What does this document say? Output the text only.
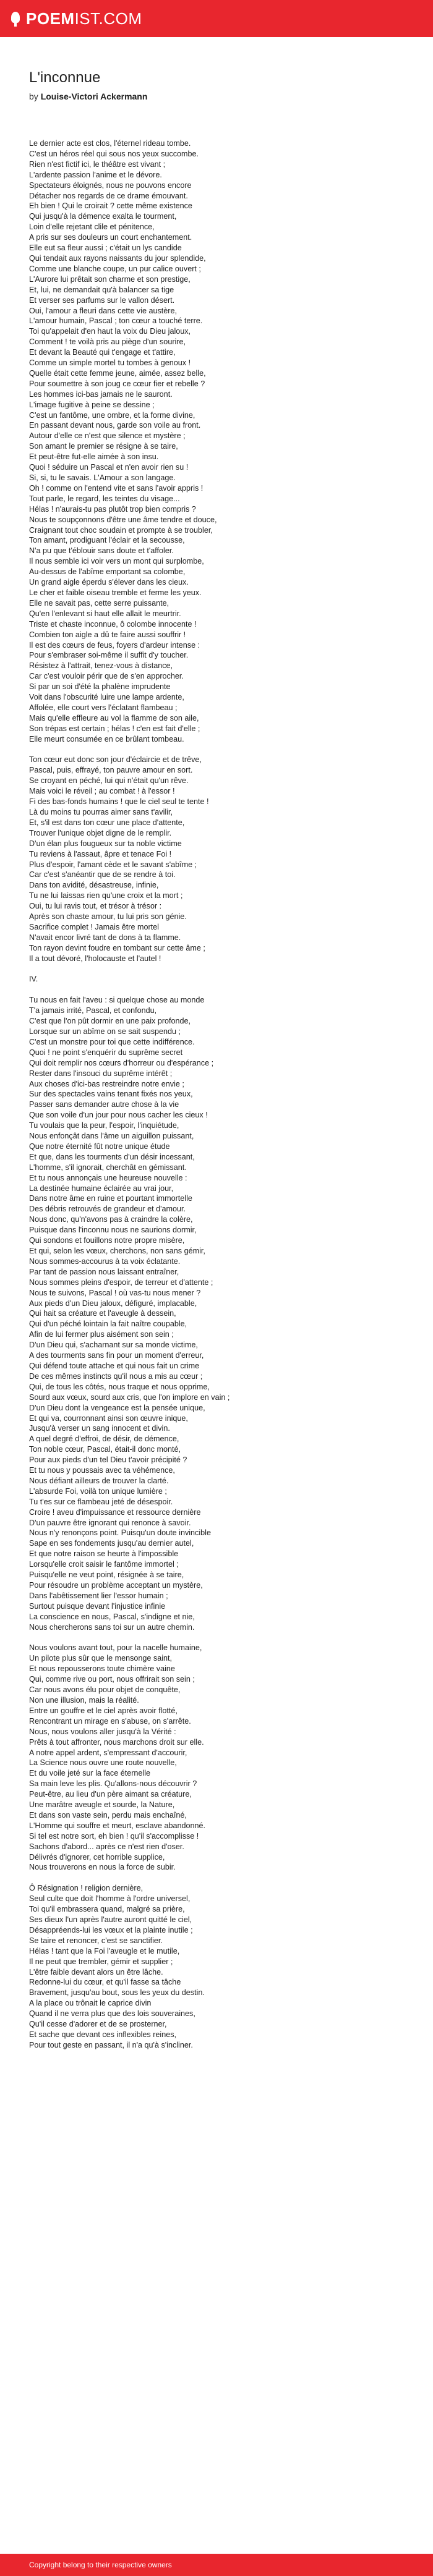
POEMIST.COM
L'inconnue
by Louise-Victori Ackermann

Le dernier acte est clos, l'éternel rideau tombe.
C'est un héros réel qui sous nos yeux succombe.
Rien n'est fictif ici, le théâtre est vivant ;
L'ardente passion l'anime et le dévore.
Spectateurs éloignés, nous ne pouvons encore
Détacher nos regards de ce drame émouvant.
Eh bien ! Qui le croirait ? cette même existence
Qui jusqu'à la démence exalta le tourment,
Loin d'elle rejetant clile et pénitence,
A pris sur ses douleurs un court enchantement.
Elle eut sa fleur aussi ; c'était un lys candide
Qui tendait aux rayons naissants du jour splendide,
Comme une blanche coupe, un pur calice ouvert ;
L'Aurore lui prêtait son charme et son prestige,
Et, lui, ne demandait qu'à balancer sa tige
Et verser ses parfums sur le vallon désert.
Oui, l'amour a fleuri dans cette vie austère,
L'amour humain, Pascal ; ton cœur a touché terre.
Toi qu'appelait d'en haut la voix du Dieu jaloux,
Comment ! te voilà pris au piège d'un sourire,
Et devant la Beauté qui t'engage et t'attire,
Comme un simple mortel tu tombes à genoux !
Quelle était cette femme jeune, aimée, assez belle,
Pour soumettre à son joug ce cœur fier et rebelle ?
Les hommes ici-bas jamais ne le sauront.
L'image fugitive à peine se dessine ;
C'est un fantôme, une ombre, et la forme divine,
En passant devant nous, garde son voile au front.
Autour d'elle ce n'est que silence et mystère ;
Son amant le premier se résigne à se taire,
Et peut-être fut-elle aimée à son insu.
Quoi ! séduire un Pascal et n'en avoir rien su !
Si, si, tu le savais. L'Amour a son langage.
Oh ! comme on l'entend vite et sans l'avoir appris !
Tout parle, le regard, les teintes du visage...
Hélas ! n'aurais-tu pas plutôt trop bien compris ?
Nous te soupçonnons d'être une âme tendre et douce,
Craignant tout choc soudain et prompte à se troubler,
Ton amant, prodiguant l'éclair et la secousse,
N'a pu que t'éblouir sans doute et t'affoler.
Il nous semble ici voir vers un mont qui surplombe,
Au-dessus de l'abîme emportant sa colombe,
Un grand aigle éperdu s'élever dans les cieux.
Le cher et faible oiseau tremble et ferme les yeux.
Elle ne savait pas, cette serre puissante,
Qu'en l'enlevant si haut elle allait le meurtrir.
Triste et chaste inconnue, ô colombe innocente !
Combien ton aigle a dû te faire aussi souffrir !
Il est des cœurs de feus, foyers d'ardeur intense :
Pour s'embraser soi-même il suffit d'y toucher.
Résistez à l'attrait, tenez-vous à distance,
Car c'est vouloir périr que de s'en approcher.
Si par un soi d'été la phalène imprudente
Voit dans l'obscurité luire une lampe ardente,
Affolée, elle court vers l'éclatant flambeau ;
Mais qu'elle effleure au vol la flamme de son aile,
Son trépas est certain ; hélas ! c'en est fait d'elle ;
Elle meurt consumée en ce brûlant tombeau.

Ton cœur eut donc son jour d'éclaircie et de trêve,
Pascal, puis, effrayé, ton pauvre amour en sort.
Se croyant en péché, lui qui n'était qu'un rêve.
Mais voici le réveil ; au combat ! à l'essor !
Fi des bas-fonds humains ! que le ciel seul te tente !
Là du moins tu pourras aimer sans t'avilir,
Et, s'il est dans ton cœur une place d'attente,
Trouver l'unique objet digne de le remplir.
D'un élan plus fougueux sur ta noble victime
Tu reviens à l'assaut, âpre et tenace Foi !
Plus d'espoir, l'amant cède et le savant s'abîme ;
Car c'est s'anéantir que de se rendre à toi.
Dans ton avidité, désastreuse, infinie,
Tu ne lui laissas rien qu'une croix et la mort ;
Oui, tu lui ravis tout, et trésor à trésor :
Après son chaste amour, tu lui pris son génie.
Sacrifice complet ! Jamais être mortel
N'avait encor livré tant de dons à ta flamme.
Ton rayon devint foudre en tombant sur cette âme ;
Il a tout dévoré, l'holocauste et l'autel !

IV.

Tu nous en fait l'aveu : si quelque chose au monde
T'a jamais irrité, Pascal, et confondu,
C'est que l'on pût dormir en une paix profonde,
Lorsque sur un abîme on se sait suspendu ;
C'est un monstre pour toi que cette indifférence.
Quoi ! ne point s'enquérir du suprême secret
Qui doit remplir nos cœurs d'horreur ou d'espérance ;
Rester dans l'insouci du suprême intérêt ;
Aux choses d'ici-bas restreindre notre envie ;
Sur des spectacles vains tenant fixés nos yeux,
Passer sans demander autre chose à la vie
Que son voile d'un jour pour nous cacher les cieux !
Tu voulais que la peur, l'espoir, l'inquiétude,
Nous enfonçât dans l'âme un aiguillon puissant,
Que notre éternité fût notre unique étude
Et que, dans les tourments d'un désir incessant,
L'homme, s'il ignorait, cherchât en gémissant.
Et tu nous annonçais une heureuse nouvelle :
La destinée humaine éclairée au vrai jour,
Dans notre âme en ruine et pourtant immortelle
Des débris retrouvés de grandeur et d'amour.
Nous donc, qu'n'avons pas à craindre la colère,
Puisque dans l'inconnu nous ne saurions dormir,
Qui sondons et fouillons notre propre misère,
Et qui, selon les vœux, cherchons, non sans gémir,
Nous sommes-accourus à ta voix éclatante.
Par tant de passion nous laissant entraîner,
Nous sommes pleins d'espoir, de terreur et d'attente ;
Nous te suivons, Pascal ! où vas-tu nous mener ?
Aux pieds d'un Dieu jaloux, défiguré, implacable,
Qui hait sa créature et l'aveugle à dessein,
Qui d'un péché lointain la fait naître coupable,
Afin de lui fermer plus aisément son sein ;
D'un Dieu qui, s'acharnant sur sa monde victime,
A des tourments sans fin pour un moment d'erreur,
Qui défend toute attache et qui nous fait un crime
De ces mêmes instincts qu'il nous a mis au cœur ;
Qui, de tous les côtés, nous traque et nous opprime,
Sourd aux vœux, sourd aux cris, que l'on implore en vain ;
D'un Dieu dont la vengeance est la pensée unique,
Et qui va, courronnant ainsi son œuvre inique,
Jusqu'à verser un sang innocent et divin.
A quel degré d'effroi, de désir, de démence,
Ton noble cœur, Pascal, était-il donc monté,
Pour aux pieds d'un tel Dieu t'avoir précipité ?
Et tu nous y poussais avec ta véhémence,
Nous défiant ailleurs de trouver la clarté.
L'absurde Foi, voilà ton unique lumière ;
Tu t'es sur ce flambeau jeté de désespoir.
Croire ! aveu d'impuissance et ressource dernière
D'un pauvre être ignorant qui renonce à savoir.
Nous n'y renonçons point. Puisqu'un doute invincible
Sape en ses fondements jusqu'au dernier autel,
Et que notre raison se heurte à l'impossible
Lorsqu'elle croit saisir le fantôme immortel ;
Puisqu'elle ne veut point, résignée à se taire,
Pour résoudre un problème acceptant un mystère,
Dans l'abêtissement lier l'essor humain ;
Surtout puisque devant l'injustice infinie
La conscience en nous, Pascal, s'indigne et nie,
Nous chercherons sans toi sur un autre chemin.

Nous voulons avant tout, pour la nacelle humaine,
Un pilote plus sûr que le mensonge saint,
Et nous repousserons toute chimère vaine
Qui, comme rive ou port, nous offrirait son sein ;
Car nous avons élu pour objet de conquête,
Non une illusion, mais la réalité.
Entre un gouffre et le ciel après avoir flotté,
Rencontrant un mirage en s'abuse, on s'arrête.
Nous, nous voulons aller jusqu'à la Vérité :
Prêts à tout affronter, nous marchons droit sur elle.
A notre appel ardent, s'empressant d'accourir,
La Science nous ouvre une route nouvelle,
Et du voile jeté sur la face éternelle
Sa main leve les plis. Qu'allons-nous découvrir ?
Peut-être, au lieu d'un père aimant sa créature,
Une marâtre aveugle et sourde, la Nature,
Et dans son vaste sein, perdu mais enchaîné,
L'Homme qui souffre et meurt, esclave abandonné.
Si tel est notre sort, eh bien ! qu'il s'accomplisse !
Sachons d'abord... après ce n'est rien d'oser.
Délivrés d'ignorer, cet horrible supplice,
Nous trouverons en nous la force de subir.

Ô Résignation ! religion dernière,
Seul culte que doit l'homme à l'ordre universel,
Toi qu'il embrassera quand, malgré sa prière,
Ses dieux l'un après l'autre auront quitté le ciel,
Désappréends-lui les vœux et la plainte inutile ;
Se taire et renoncer, c'est se sanctifier.
Hélas ! tant que la Foi l'aveugle et le mutile,
Il ne peut que trembler, gémir et supplier ;
L'être faible devant alors un être lâche.
Redonne-lui du cœur, et qu'il fasse sa tâche
Bravement, jusqu'au bout, sous les yeux du destin.
A la place ou trônait le caprice divin
Quand il ne verra plus que des lois souveraines,
Qu'il cesse d'adorer et de se prosterner,
Et sache que devant ces inflexibles reines,
Pour tout geste en passant, il n'a qu'à s'incliner.

Copyright belong to their respective owners
